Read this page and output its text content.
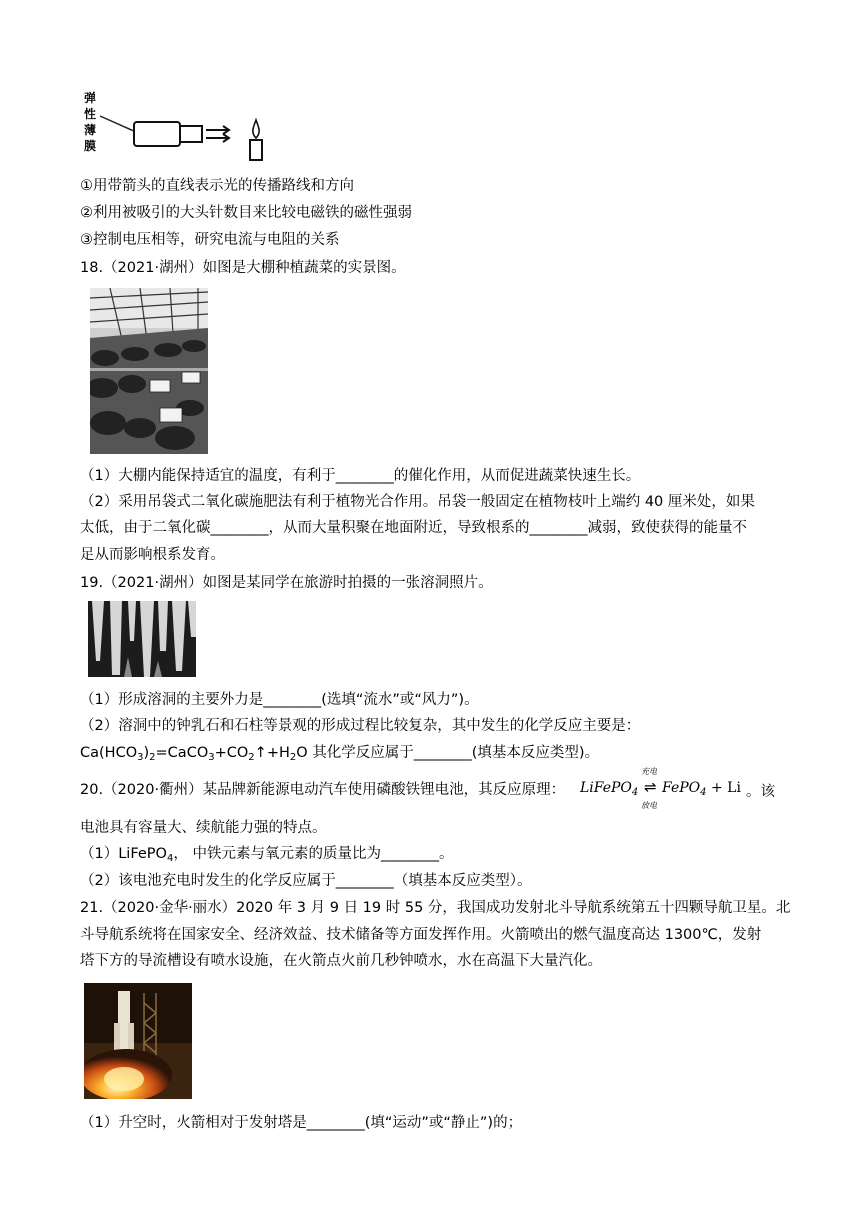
弹
性
薄
膜
①用带箭头的直线表示光的传播路线和方向
②利用被吸引的大头针数目来比较电磁铁的磁性强弱
③控制电压相等，研究电流与电阻的关系
18.（2021·湖州）如图是大棚种植蔬菜的实景图。
（1）大棚内能保持适宜的温度，有利于________的催化作用，从而促进蔬菜快速生长。
（2）采用吊袋式二氧化碳施肥法有利于植物光合作用。吊袋一般固定在植物枝叶上端约 40 厘米处，如果
太低，由于二氧化碳________，从而大量积聚在地面附近，导致根系的________减弱，致使获得的能量不
足从而影响根系发育。
19.（2021·湖州）如图是某同学在旅游时拍摄的一张溶洞照片。
（1）形成溶洞的主要外力是________(选填“流水”或“风力”)。
（2）溶洞中的钟乳石和石柱等景观的形成过程比较复杂，其中发生的化学反应主要是：
$Ca(HCO_3)_2=CaCO_3+CO_2↑+H_2O$ 其化学反应属于________(填基本反应类型)。
20.（2020·衢州）某品牌新能源电动汽车使用磷酸铁锂电池，其反应原理：
充电
LiFePO$_4$ ⇌ FePO$_4$ + Li
放电
。该
电池具有容量大、续航能力强的特点。
（1）LiFePO$_4$， 中铁元素与氧元素的质量比为________。
（2）该电池充电时发生的化学反应属于________（填基本反应类型）。
21.（2020·金华·丽水）2020 年 3 月 9 日 19 时 55 分，我国成功发射北斗导航系统第五十四颗导航卫星。北
斗导航系统将在国家安全、经济效益、技术储备等方面发挥作用。火箭喷出的燃气温度高达 1300℃，发射
塔下方的导流槽设有喷水设施，在火箭点火前几秒钟喷水，水在高温下大量汽化。
（1）升空时，火箭相对于发射塔是________(填“运动”或“静止”)的；
